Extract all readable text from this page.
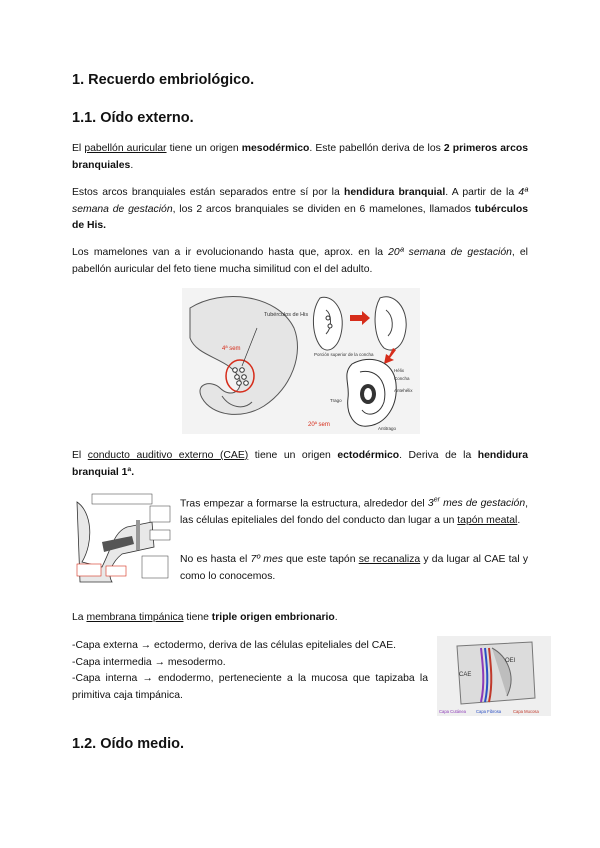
1. Recuerdo embriológico.
1.1. Oído externo.

El pabellón auricular tiene un origen mesodérmico. Este pabellón deriva de los 2 primeros arcos branquiales.

Estos arcos branquiales están separados entre sí por la hendidura branquial. A partir de la 4ª semana de gestación, los 2 arcos branquiales se dividen en 6 mamelones, llamados tubérculos de His.

Los mamelones van a ir evolucionando hasta que, aprox. en la 20ª semana de gestación, el pabellón auricular del feto tiene mucha similitud con el del adulto.

Tubérculos de His
4ª sem
Porción superior de la concha
Hélix
Concha
Antehélix
Trago
20ª sem
Antitrago

El conducto auditivo externo (CAE) tiene un origen ectodérmico. Deriva de la hendidura branquial 1ª.

Tras empezar a formarse la estructura, alrededor del 3er mes de gestación, las células epiteliales del fondo del conducto dan lugar a un tapón meatal.

No es hasta el 7º mes que este tapón se recanaliza y da lugar al CAE tal y como lo conocemos.

La membrana timpánica tiene triple origen embrionario.

-Capa externa → ectodermo, deriva de las células epiteliales del CAE.

-Capa intermedia → mesodermo.

-Capa interna → endodermo, perteneciente a la mucosa que tapizaba la primitiva caja timpánica.

CAE
OEI
Capa Cutánea Capa Fibrosa	Capa Mucosa
1.2. Oído medio.
